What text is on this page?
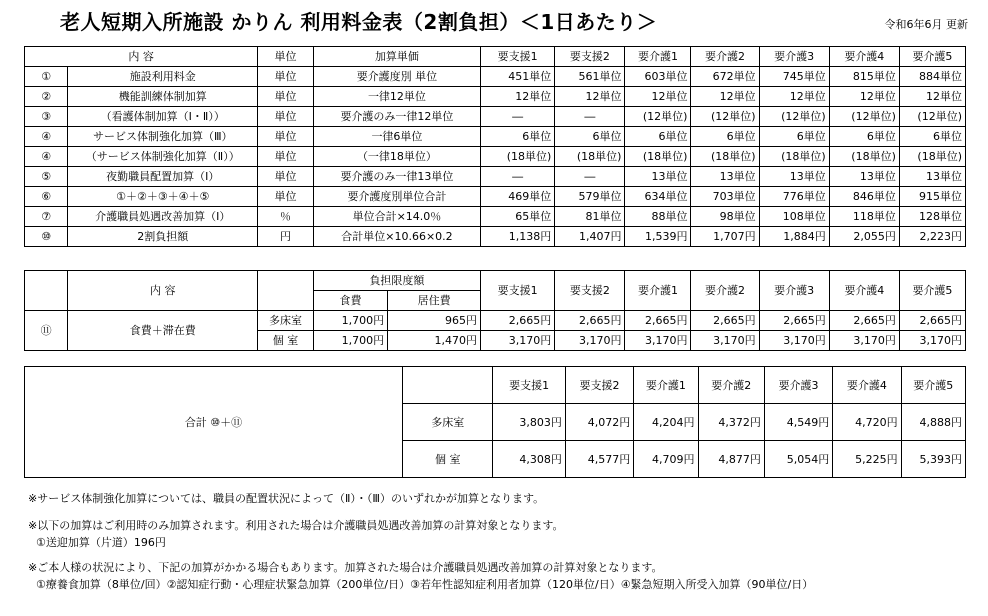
老人短期入所施設 かりん 利用料金表（2割負担）＜1日あたり＞	令和6年6月 更新
内 容		単位	加算単価	要支援1	要支援2	要介護1	要介護2	要介護3	要介護4	要介護5
①	施設利用料金	単位	要介護度別 単位	451単位	561単位	603単位	672単位	745単位	815単位	884単位
②	機能訓練体制加算	単位	一律12単位	12単位	12単位	12単位	12単位	12単位	12単位	12単位
③	（看護体制加算（Ⅰ・Ⅱ））	単位	要介護のみ一律12単位	―	―	(12単位)	(12単位)	(12単位)	(12単位)	(12単位)
④	サービス体制強化加算（Ⅲ）	単位	一律6単位	6単位	6単位	6単位	6単位	6単位	6単位	6単位
④	（サービス体制強化加算（Ⅱ））	単位	（一律18単位）	(18単位)	(18単位)	(18単位)	(18単位)	(18単位)	(18単位)	(18単位)
⑤	夜勤職員配置加算（Ⅰ）	単位	要介護のみ一律13単位	―	―	13単位	13単位	13単位	13単位	13単位
⑥	①＋②＋③＋④＋⑤	単位	要介護度別単位合計	469単位	579単位	634単位	703単位	776単位	846単位	915単位
⑦	介護職員処遇改善加算（Ⅰ）	％	単位合計×14.0％	65単位	81単位	88単位	98単位	108単位	118単位	128単位
⑩	2割負担額	円	合計単位×10.66×0.2	1,138円	1,407円	1,539円	1,707円	1,884円	2,055円	2,223円
	内 容		負担限度額		要支援1	要支援2	要介護1	要介護2	要介護3	要介護4	要介護5
			食費	居住費							
⑪	食費＋滞在費	多床室	1,700円	965円	2,665円	2,665円	2,665円	2,665円	2,665円	2,665円	2,665円
		個 室	1,700円	1,470円	3,170円	3,170円	3,170円	3,170円	3,170円	3,170円	3,170円
合計 ⑩＋⑪		要支援1	要支援2	要介護1	要介護2	要介護3	要介護4	要介護5
	多床室	3,803円	4,072円	4,204円	4,372円	4,549円	4,720円	4,888円
	個 室	4,308円	4,577円	4,709円	4,877円	5,054円	5,225円	5,393円
※サービス体制強化加算については、職員の配置状況によって（Ⅱ）・（Ⅲ）のいずれかが加算となります。
※以下の加算はご利用時のみ加算されます。利用された場合は介護職員処遇改善加算の計算対象となります。
①送迎加算（片道）196円
※ご本人様の状況により、下記の加算がかかる場合もあります。加算された場合は介護職員処遇改善加算の計算対象となります。
①療養食加算（8単位/回）②認知症行動・心理症状緊急加算（200単位/日）③若年性認知症利用者加算（120単位/日）④緊急短期入所受入加算（90単位/日）
